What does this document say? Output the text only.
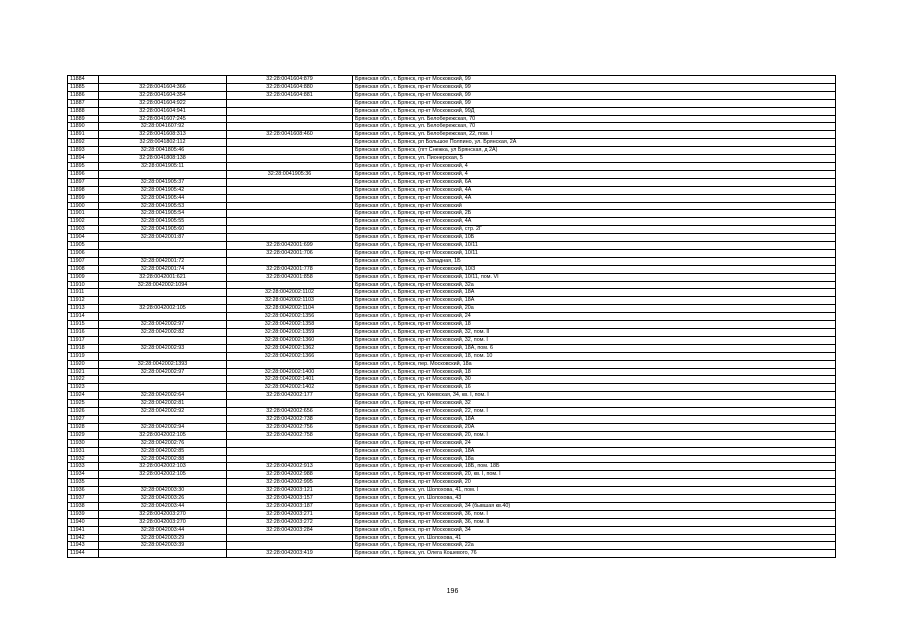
11884		32:28:0041604:879	Брянская обл., г. Брянск, пр-кт Московский, 99
11885	32:28:0041604:366	32:28:0041604:880	Брянская обл., г. Брянск, пр-кт Московский, 99
11886	32:28:0041604:354	32:28:0041604:881	Брянская обл., г. Брянск, пр-кт Московский, 99
11887	32:28:0041604:922		Брянская обл., г. Брянск, пр-кт Московский, 99
11888	32:28:0041604:941		Брянская обл., г. Брянск, пр-кт Московский, 99Д
11889	32:28:0041607:245		Брянская обл., г. Брянск, ул. Белобережская, 70
11890	32:28:0041607:92		Брянская обл., г. Брянск, ул. Белобережская, 70
11891	32:28:0041608:313	32:28:0041608:460	Брянская обл., г. Брянск, ул. Белобережская, 22, пом. I
11892	32:28:0041802:112		Брянская обл., г. Брянск, рп Большое Полпино, ул. Брянская, 2А
11893	32:28:0041805:46		Брянская обл., г. Брянск, (пгт Снежка, ул Брянская, д 2А)
11894	32:28:0041808:138		Брянская обл., г. Брянск, ул. Пионерская, 5
11895	32:28:0041905:11		Брянская обл., г. Брянск, пр-кт Московский, 4
11896		32:28:0041905:36	Брянская обл., г. Брянск, пр-кт Московский, 4
11897	32:28:0041905:37		Брянская обл., г. Брянск, пр-кт Московский, 6А
11898	32:28:0041905:42		Брянская обл., г. Брянск, пр-кт Московский, 4А
11899	32:28:0041905:44		Брянская обл., г. Брянск, пр-кт Московский, 4А
11900	32:28:0041905:53		Брянская обл., г. Брянск, пр-кт Московский
11901	32:28:0041905:54		Брянская обл., г. Брянск, пр-кт Московский, 2Б
11902	32:28:0041905:55		Брянская обл., г. Брянск, пр-кт Московский, 4А
11903	32:28:0041905:60		Брянская обл., г. Брянск, пр-кт Московский, стр. 2Г
11904	32:28:0042001:87		Брянская обл., г. Брянск, пр-кт Московский, 10Б
11905		32:28:0042001:699	Брянская обл., г. Брянск, пр-кт Московский, 10/11
11906		32:28:0042001:706	Брянская обл., г. Брянск, пр-кт Московский, 10/11
11907	32:28:0042001:72		Брянская обл., г. Брянск, ул. Западная, 1Б
11908	32:28:0042001:74	32:28:0042001:778	Брянская обл., г. Брянск, пр-кт Московский, 10/3
11909	32:28:0042001:621	32:28:0042001:858	Брянская обл., г. Брянск, пр-кт Московский, 10/11, пом. VI
11910	32:28:0042002:1094		Брянская обл., г. Брянск, пр-кт Московский, 32а
11911		32:28:0042002:1102	Брянская обл., г. Брянск, пр-кт Московский, 18А
11912		32:28:0042002:1103	Брянская обл., г. Брянск, пр-кт Московский, 18А
11913	32:28:0042002:105	32:28:0042002:1104	Брянская обл., г. Брянск, пр-кт Московский, 20а
11914		32:28:0042002:1356	Брянская обл., г. Брянск, пр-кт Московский, 24
11915	32:28:0042002:97	32:28:0042002:1358	Брянская обл., г. Брянск, пр-кт Московский, 18
11916	32:28:0042002:82	32:28:0042002:1359	Брянская обл., г. Брянск, пр-кт Московский, 32, пом. II
11917		32:28:0042002:1360	Брянская обл., г. Брянск, пр-кт Московский, 32, пом. I
11918	32:28:0042002:93	32:28:0042002:1362	Брянская обл., г. Брянск, пр-кт Московский, 18А, пом. 6
11919		32:28:0042002:1366	Брянская обл., г. Брянск, пр-кт Московский, 18, пом. 10
11920	32:28:0042002:1393		Брянская обл., г. Брянск, пер. Московский, 18а
11921	32:28:0042002:97	32:28:0042002:1400	Брянская обл., г. Брянск, пр-кт Московский, 18
11922		32:28:0042002:1401	Брянская обл., г. Брянск, пр-кт Московский, 30
11923		32:28:0042002:1402	Брянская обл., г. Брянск, пр-кт Московский, 16
11924	32:28:0042002:64	32:28:0042002:177	Брянская обл., г. Брянск, ул. Киевская, 34, кв. I, пом. I
11925	32:28:0042002:81		Брянская обл., г. Брянск, пр-кт Московский, 32
11926	32:28:0042002:92	32:28:0042002:656	Брянская обл., г. Брянск, пр-кт Московский, 22, пом. I
11927		32:28:0042002:738	Брянская обл., г. Брянск, пр-кт Московский, 18А
11928	32:28:0042002:94	32:28:0042002:756	Брянская обл., г. Брянск, пр-кт Московский, 20А
11929	32:28:0042002:105	32:28:0042002:758	Брянская обл., г. Брянск, пр-кт Московский, 20, пом. I
11930	32:28:0042002:76		Брянская обл., г. Брянск, пр-кт Московский, 24
11931	32:28:0042002:85		Брянская обл., г. Брянск, пр-кт Московский, 18А
11932	32:28:0042002:88		Брянская обл., г. Брянск, пр-кт Московский, 18а
11933	32:28:0042002:103	32:28:0042002:913	Брянская обл., г. Брянск, пр-кт Московский, 18Б, пом. 18Б
11934	32:28:0042002:105	32:28:0042002:988	Брянская обл., г. Брянск, пр-кт Московский, 20, кв. I, пом. I
11935		32:28:0042002:995	Брянская обл., г. Брянск, пр-кт Московский, 20
11936	32:28:0042003:30	32:28:0042003:121	Брянская обл., г. Брянск, ул. Шолохова, 41, пом. I
11937	32:28:0042003:26	32:28:0042003:157	Брянская обл., г. Брянск, ул. Шолохова, 43
11938	32:28:0042003:44	32:28:0042003:187	Брянская обл., г. Брянск, пр-кт Московский, 34 (бывшая кв.40)
11939	32:28:0042003:270	32:28:0042003:271	Брянская обл., г. Брянск, пр-кт Московский, 36, пом. I
11940	32:28:0042003:270	32:28:0042003:272	Брянская обл., г. Брянск, пр-кт Московский, 36, пом. II
11941	32:28:0042003:44	32:28:0042003:284	Брянская обл., г. Брянск, пр-кт Московский, 34
11942	32:28:0042003:29		Брянская обл., г. Брянск, ул. Шолохова, 41
11943	32:28:0042003:39		Брянская обл., г. Брянск, пр-кт Московский, 22а
11944		32:28:0042003:419	Брянская обл., г. Брянск, ул. Олега Кошевого, 76
196
